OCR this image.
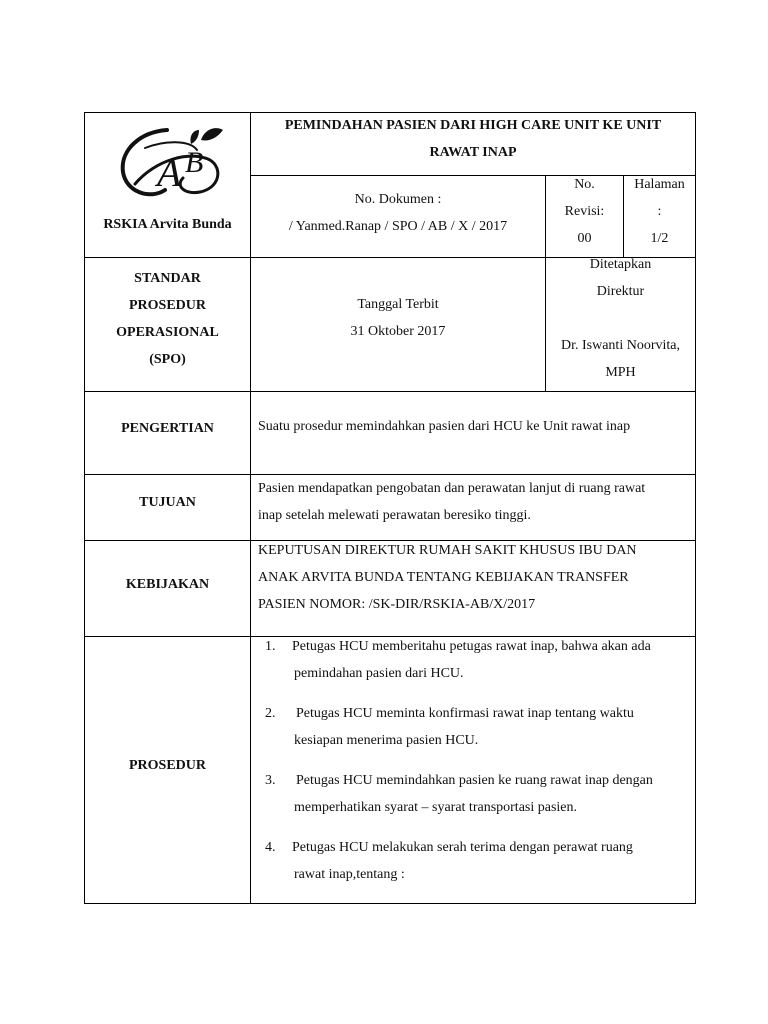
A B
RSKIA Arvita Bunda
PEMINDAHAN PASIEN DARI HIGH CARE UNIT KE UNIT
RAWAT INAP
No. Dokumen :
/ Yanmed.Ranap / SPO / AB / X / 2017
No.
Revisi:
00
Halaman
:
1/2
STANDAR
PROSEDUR
OPERASIONAL
(SPO)
Tanggal Terbit
31 Oktober 2017
Ditetapkan
Direktur
Dr. Iswanti Noorvita,
MPH
PENGERTIAN	Suatu prosedur memindahkan pasien dari HCU ke Unit rawat inap
TUJUAN
Pasien mendapatkan pengobatan dan perawatan lanjut di ruang rawat
inap setelah melewati perawatan beresiko tinggi.
KEBIJAKAN
KEPUTUSAN DIREKTUR RUMAH SAKIT KHUSUS IBU DAN
ANAK ARVITA BUNDA TENTANG KEBIJAKAN TRANSFER
PASIEN NOMOR: /SK-DIR/RSKIA-AB/X/2017
PROSEDUR
1. Petugas HCU memberitahu petugas rawat inap, bahwa akan ada
pemindahan pasien dari HCU.
2. Petugas HCU meminta konfirmasi rawat inap tentang waktu
kesiapan menerima pasien HCU.
3. Petugas HCU memindahkan pasien ke ruang rawat inap dengan
memperhatikan syarat – syarat transportasi pasien.
4. Petugas HCU melakukan serah terima dengan perawat ruang
rawat inap,tentang :
